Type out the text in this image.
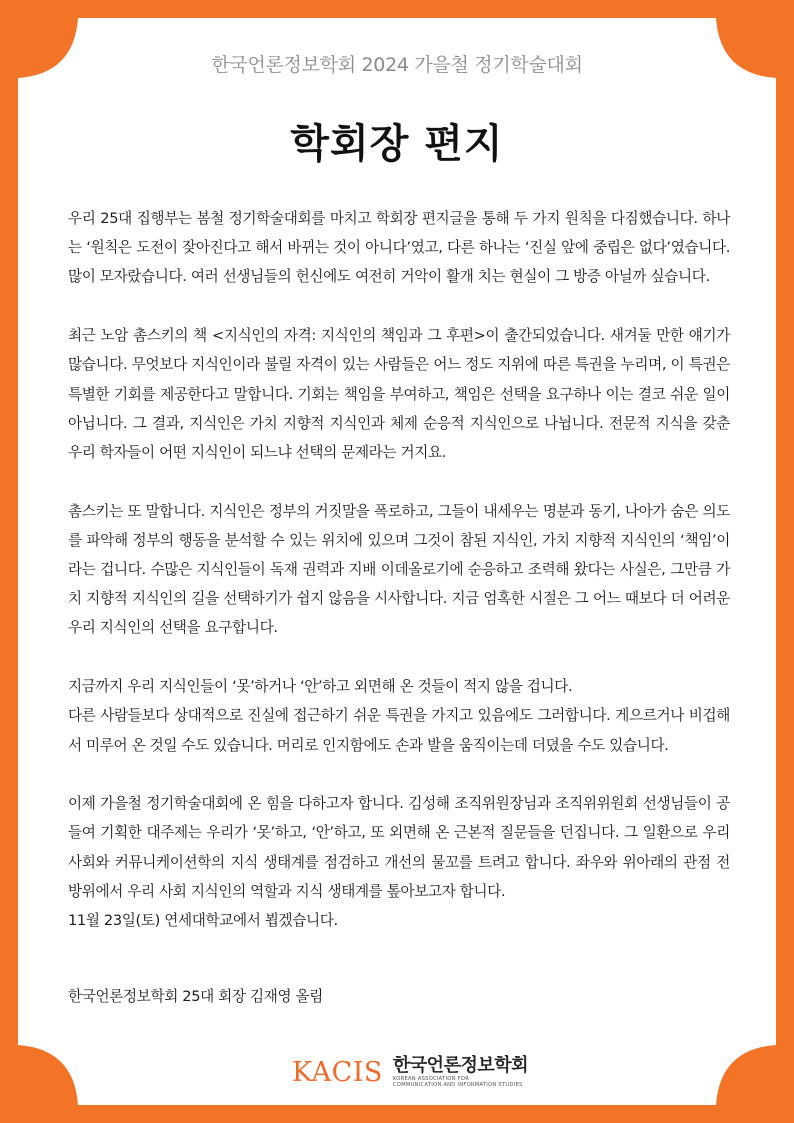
한국언론정보학회 2024 가을철 정기학술대회
학회장 편지

우리 25대 집행부는 봄철 정기학술대회를 마치고 학회장 편지글을 통해 두 가지 원칙을 다짐했습니다. 하나는 ‘원칙은 도전이 잦아진다고 해서 바뀌는 것이 아니다’였고, 다른 하나는 ‘진실 앞에 중립은 없다’였습니다. 많이 모자랐습니다. 여러 선생님들의 헌신에도 여전히 거악이 활개 치는 현실이 그 방증 아닐까 싶습니다.

최근 노암 촘스키의 책 <지식인의 자격: 지식인의 책임과 그 후편>이 출간되었습니다. 새겨둘 만한 얘기가 많습니다. 무엇보다 지식인이라 불릴 자격이 있는 사람들은 어느 정도 지위에 따른 특권을 누리며, 이 특권은 특별한 기회를 제공한다고 말합니다. 기회는 책임을 부여하고, 책임은 선택을 요구하나 이는 결코 쉬운 일이 아닙니다. 그 결과, 지식인은 가치 지향적 지식인과 체제 순응적 지식인으로 나뉩니다. 전문적 지식을 갖춘 우리 학자들이 어떤 지식인이 되느냐 선택의 문제라는 거지요.

촘스키는 또 말합니다. 지식인은 정부의 거짓말을 폭로하고, 그들이 내세우는 명분과 동기, 나아가 숨은 의도를 파악해 정부의 행동을 분석할 수 있는 위치에 있으며 그것이 참된 지식인, 가치 지향적 지식인의 ‘책임’이라는 겁니다. 수많은 지식인들이 독재 권력과 지배 이데올로기에 순응하고 조력해 왔다는 사실은, 그만큼 가치 지향적 지식인의 길을 선택하기가 쉽지 않음을 시사합니다. 지금 엄혹한 시절은 그 어느 때보다 더 어려운 우리 지식인의 선택을 요구합니다.

지금까지 우리 지식인들이 ‘못’하거나 ‘안’하고 외면해 온 것들이 적지 않을 겁니다.
다른 사람들보다 상대적으로 진실에 접근하기 쉬운 특권을 가지고 있음에도 그러합니다. 게으르거나 비겁해서 미루어 온 것일 수도 있습니다. 머리로 인지함에도 손과 발을 움직이는데 더뎠을 수도 있습니다.

이제 가을철 정기학술대회에 온 힘을 다하고자 합니다. 김성해 조직위원장님과 조직위위원회 선생님들이 공들여 기획한 대주제는 우리가 ‘못’하고, ‘안’하고, 또 외면해 온 근본적 질문들을 던집니다. 그 일환으로 우리 사회와 커뮤니케이션학의 지식 생태계를 점검하고 개선의 물꼬를 트려고 합니다. 좌우와 위아래의 관점 전 방위에서 우리 사회 지식인의 역할과 지식 생태계를 톺아보고자 합니다.
11월 23일(토) 연세대학교에서 뵙겠습니다.

한국언론정보학회 25대 회장 김재영 올림
KACIS 한국언론정보학회
KOREAN ASSOCIATION FOR
COMMUNICATION AND INFORMATION STUDIES
